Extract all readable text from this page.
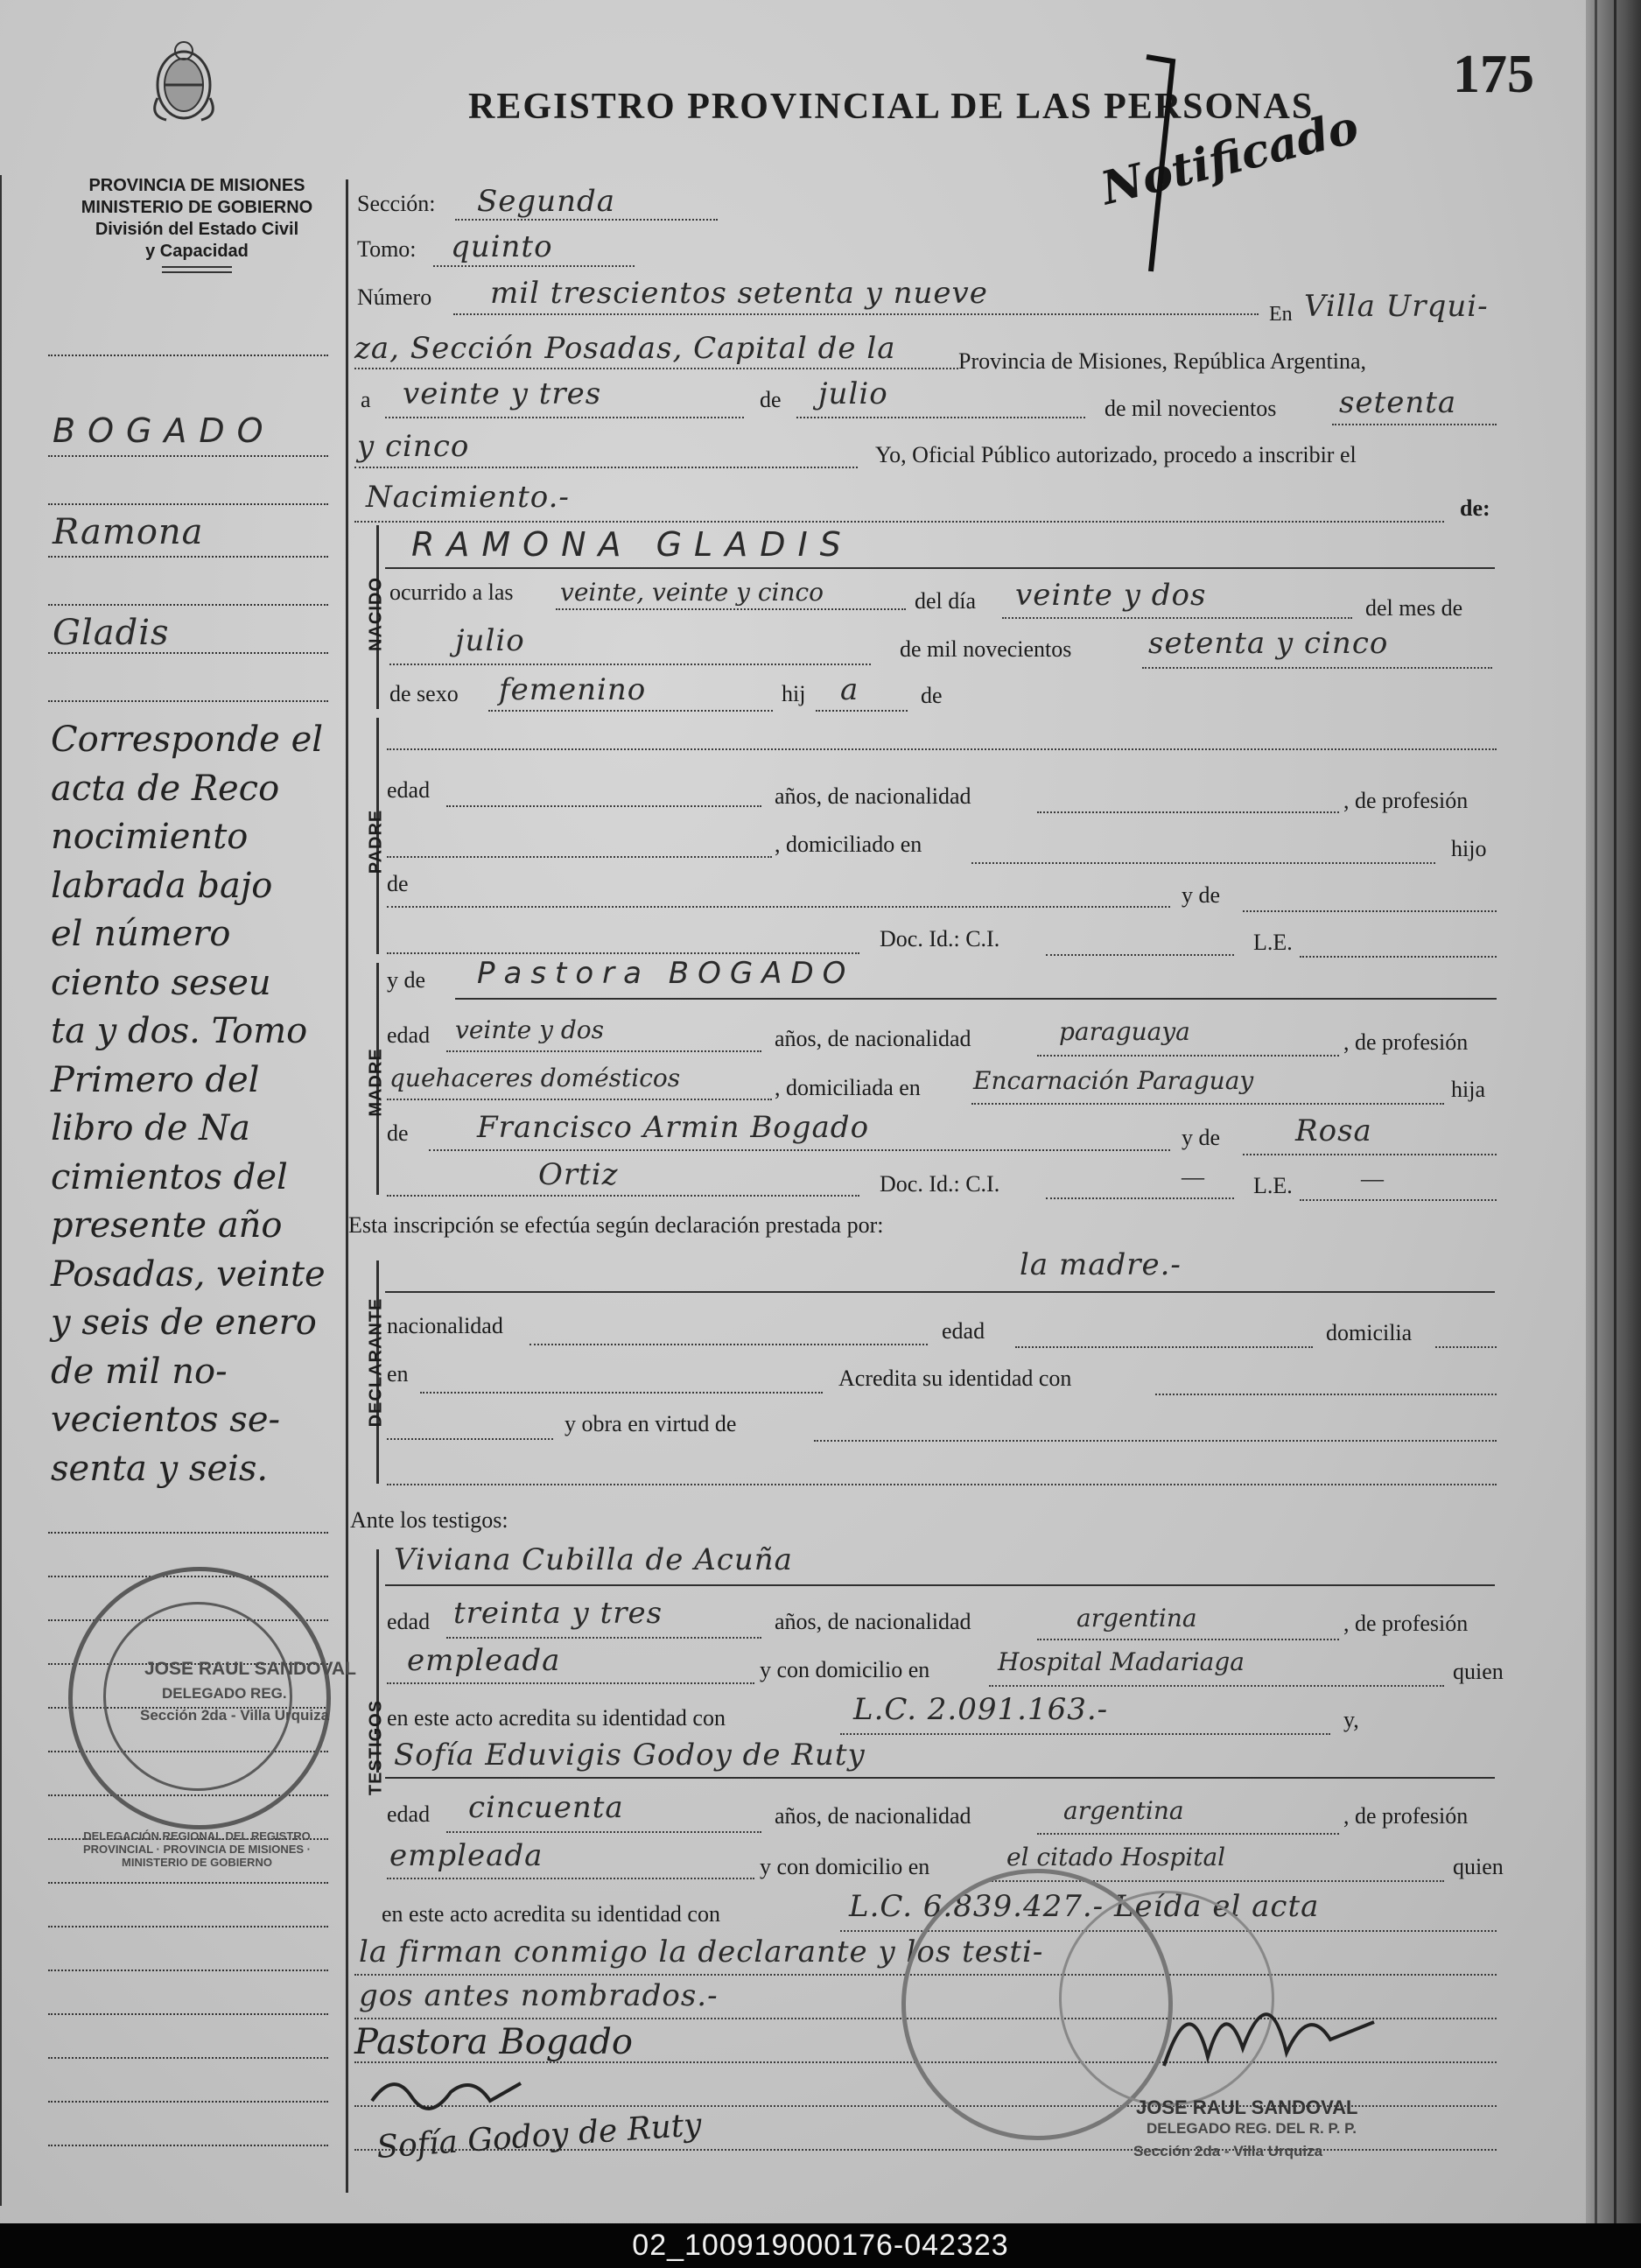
PROVINCIA DE MISIONES
MINISTERIO DE GOBIERNO
División del Estado Civil
y Capacidad
REGISTRO PROVINCIAL DE LAS PERSONAS
175
Notificado
BOGADO
Ramona
Gladis
Corresponde el
acta de Reco
nocimiento
labrada bajo
el número
ciento seseu
ta y dos. Tomo
Primero del
libro de Na
cimientos del
presente año
Posadas, veinte
y seis de enero
de mil no-
vecientos se-
senta y seis.
Sección: Segunda
Tomo: quinto
Número mil trescientos setenta y nueve
En Villa Urqui-
za, Sección Posadas, Capital de la	Provincia de Misiones, República Argentina,
a veinte y tres	de julio	de mil novecientos setenta
y cinco	Yo, Oficial Público autorizado, procedo a inscribir el
Nacimiento.-	de:
NACIDO
RAMONA GLADIS
ocurrido a las veinte, veinte y cinco	del día veinte y dos	del mes de
julio	de mil novecientos	setenta y cinco
de sexo femenino	hij a	de
PADRE
edad	años, de nacionalidad	, de profesión
, domiciliado en	hijo
de	y de
Doc. Id.: C.I.	L.E.
MADRE
y de Pastora BOGADO
edad veinte y dos	años, de nacionalidad	paraguaya	, de profesión
quehaceres domésticos	, domiciliada en Encarnación Paraguay	hija
de Francisco Armin Bogado	y de	Rosa
Ortiz	Doc. Id.: C.I.	— L.E.	—
Esta inscripción se efectúa según declaración prestada por:
DECLARANTE
la madre.-
nacionalidad	edad	domicilia
en	Acredita su identidad con
y obra en virtud de
Ante los testigos:
TESTIGOS
Viviana Cubilla de Acuña
edad treinta y tres	años, de nacionalidad	argentina	, de profesión
empleada	y con domicilio en	Hospital Madariaga	quien
en este acto acredita su identidad con	L.C. 2.091.163.-	y,
Sofía Eduvigis Godoy de Ruty
edad cincuenta	años, de nacionalidad	argentina	, de profesión
empleada	y con domicilio en	el citado Hospital	quien
en este acto acredita su identidad con	L.C. 6.839.427.- Leída el acta
la firman conmigo la declarante y los testi-
gos antes nombrados.-
Pastora Bogado
Sofía Godoy de Ruty
DELEGACIÓN REGIONAL DEL REGISTRO PROVINCIAL · PROVINCIA DE MISIONES · MINISTERIO DE GOBIERNO
JOSE RAUL SANDOVAL
DELEGADO REG.
Sección 2da - Villa Urquiza
JOSE RAUL SANDOVAL
DELEGADO REG. DEL R. P. P.
Sección 2da - Villa Urquiza
02_100919000176-042323
